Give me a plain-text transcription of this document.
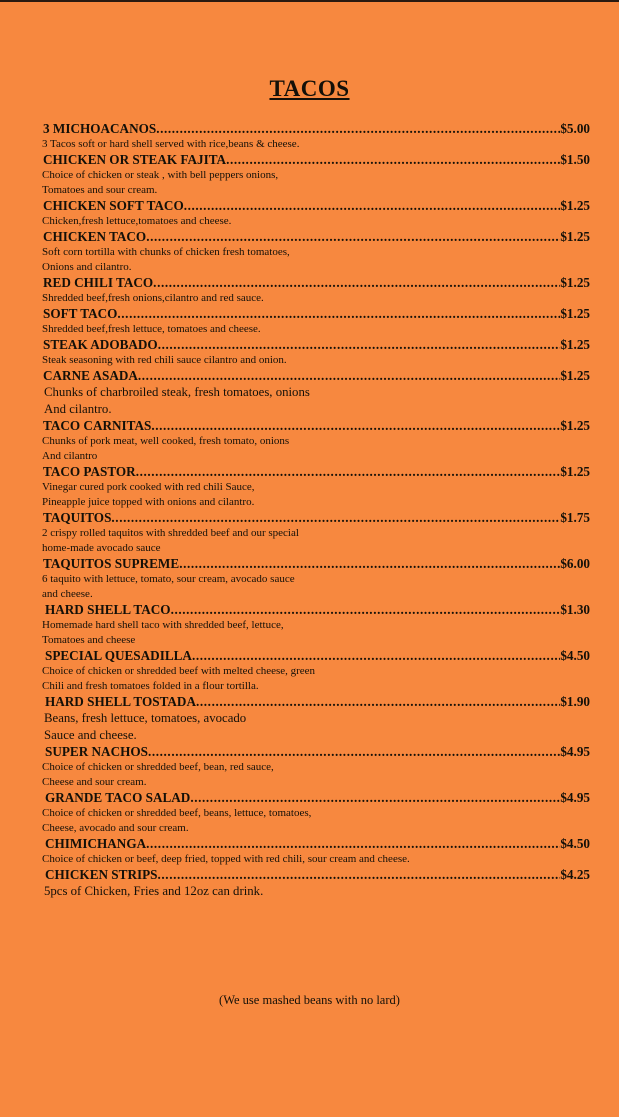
TACOS
3 MICHOACANOS .....	$5.00
3 Tacos soft or hard shell served with rice,beans & cheese.
CHICKEN OR STEAK FAJITA .....	$1.50
Choice of chicken or steak , with bell peppers onions,
Tomatoes and sour cream.
CHICKEN SOFT TACO .....	$1.25
Chicken,fresh lettuce,tomatoes and cheese.
CHICKEN TACO .....	$1.25
Soft corn tortilla with chunks of chicken fresh tomatoes,
Onions and cilantro.
RED CHILI TACO .....	$1.25
Shredded beef,fresh onions,cilantro and red sauce.
SOFT TACO .....	$1.25
Shredded beef,fresh lettuce, tomatoes and cheese.
STEAK ADOBADO .....	$1.25
Steak seasoning with red chili sauce cilantro and onion.
CARNE ASADA .....	$1.25
Chunks of charbroiled steak, fresh tomatoes, onions
And cilantro.
TACO CARNITAS .....	$1.25
Chunks of pork meat, well cooked, fresh tomato, onions
And cilantro
TACO PASTOR .....	$1.25
Vinegar cured pork cooked with red chili Sauce,
Pineapple juice topped with onions and cilantro.
TAQUITOS .....	$1.75
2 crispy rolled taquitos with shredded beef and our special
home-made avocado sauce
TAQUITOS SUPREME .....	$6.00
6 taquito with lettuce, tomato, sour cream, avocado sauce
and cheese.
HARD SHELL TACO .....	$1.30
Homemade hard shell taco with shredded beef, lettuce,
Tomatoes and cheese
SPECIAL QUESADILLA .....	$4.50
Choice of chicken or shredded beef with melted cheese, green
Chili and fresh tomatoes folded in a flour tortilla.
HARD SHELL TOSTADA .....	$1.90
Beans, fresh lettuce, tomatoes, avocado
Sauce and cheese.
SUPER NACHOS .....	$4.95
Choice of chicken or shredded beef, bean, red sauce,
Cheese and sour cream.
GRANDE TACO SALAD .....	$4.95
Choice of chicken or shredded beef, beans, lettuce, tomatoes,
Cheese, avocado and sour cream.
CHIMICHANGA .....	$4.50
Choice of chicken or beef, deep fried, topped with red chili, sour cream and cheese.
CHICKEN STRIPS .....	$4.25
5pcs of Chicken, Fries and 12oz can drink.
(We use mashed beans with no lard)
